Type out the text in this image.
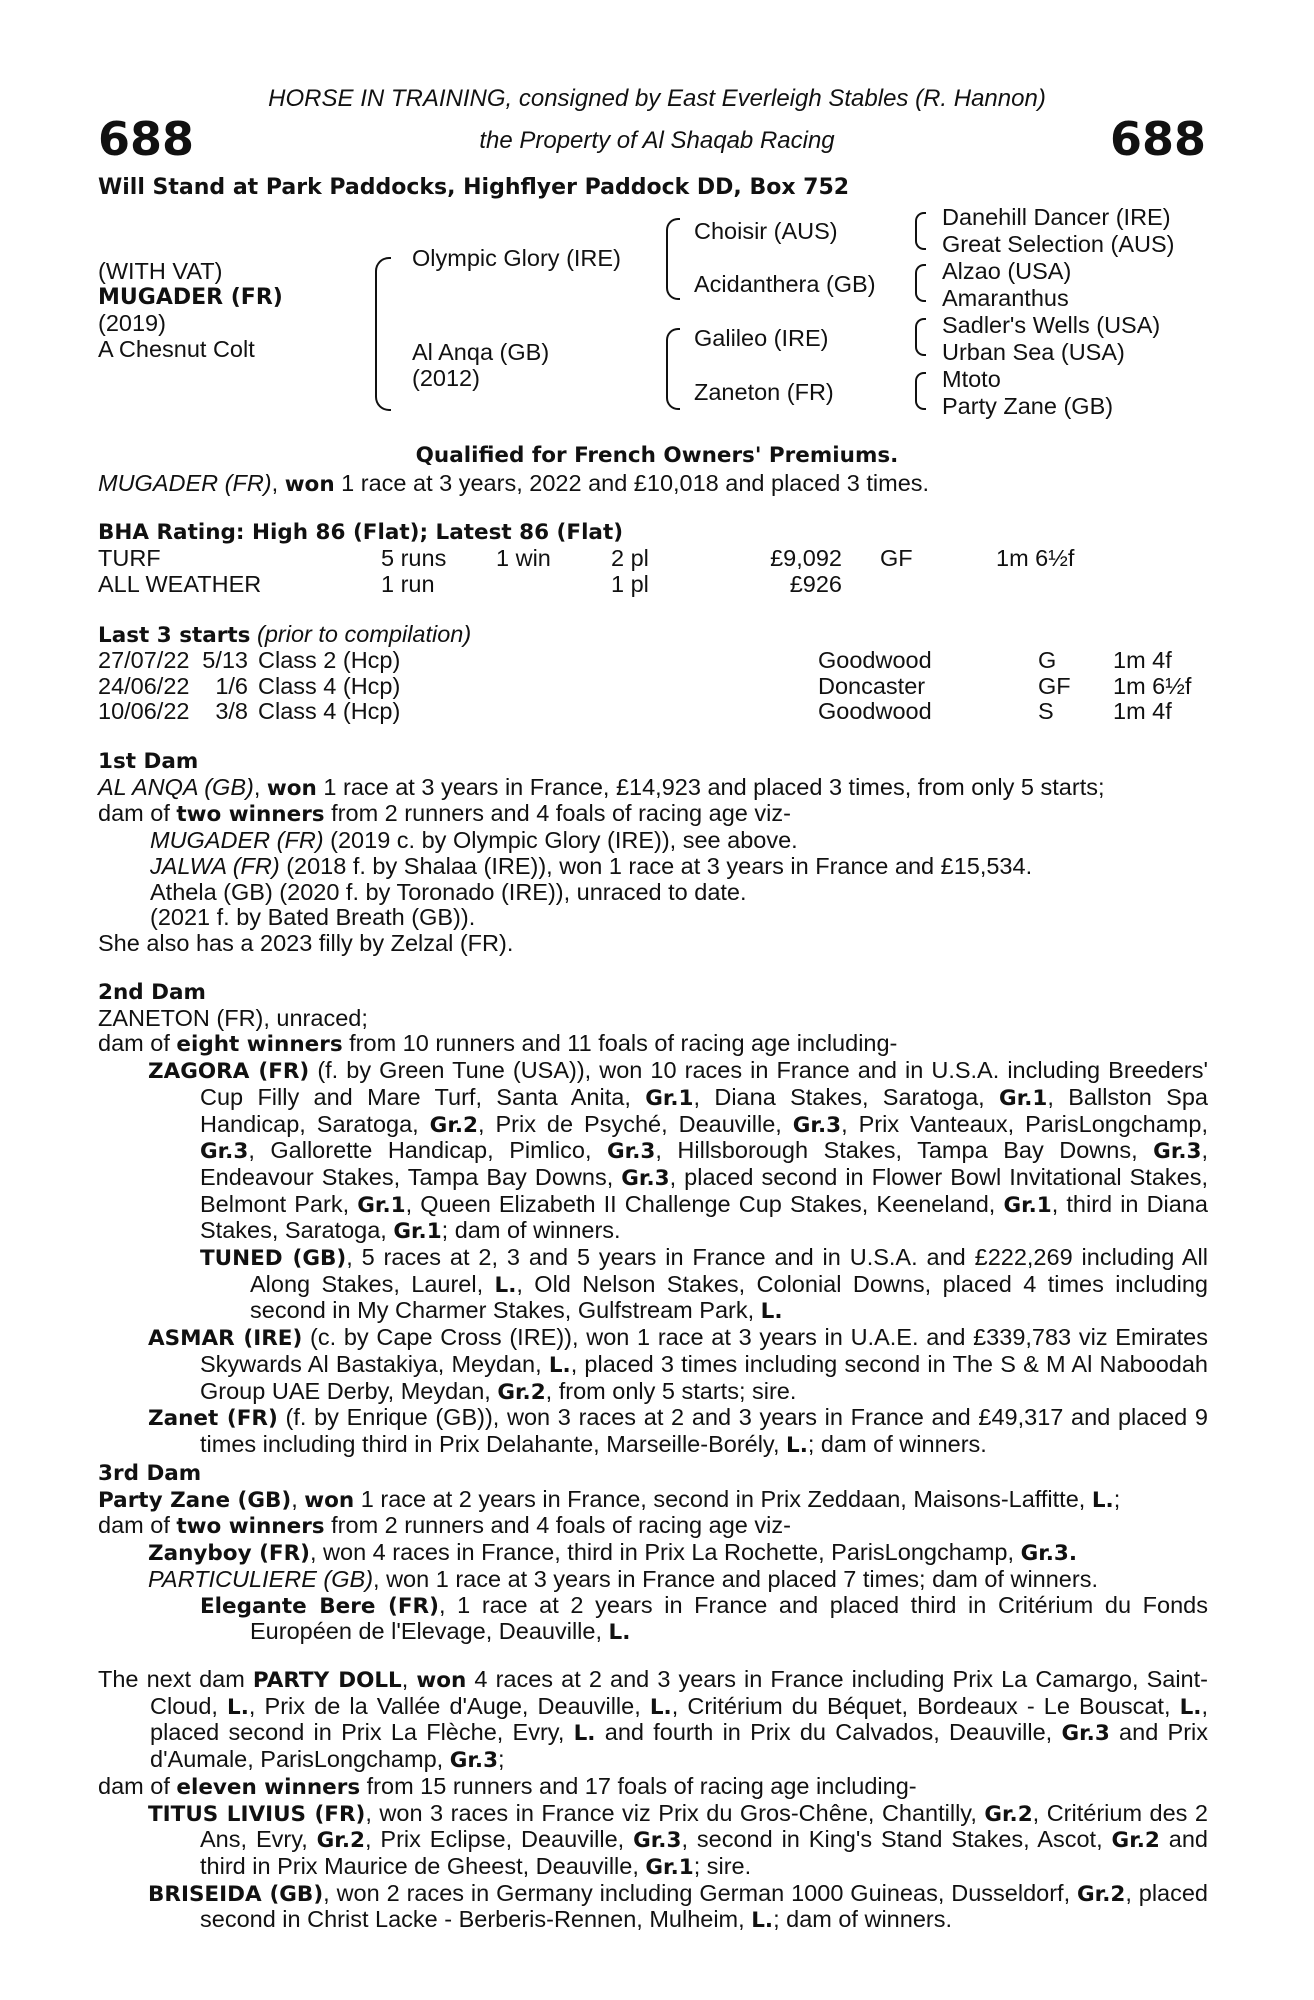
688	688
HORSE IN TRAINING, consigned by East Everleigh Stables (R. Hannon)
the Property of Al Shaqab Racing
Will Stand at Park Paddocks, Highflyer Paddock DD, Box 752
(WITH VAT)
MUGADER (FR)
(2019)
A Chesnut Colt
Olympic Glory (IRE)
Al Anqa (GB)
(2012)
Choisir (AUS)
Acidanthera (GB)
Galileo (IRE)
Zaneton (FR)
Danehill Dancer (IRE)
Great Selection (AUS)
Alzao (USA)
Amaranthus
Sadler's Wells (USA)
Urban Sea (USA)
Mtoto
Party Zane (GB)
Qualified for French Owners' Premiums.
MUGADER (FR), won 1 race at 3 years, 2022 and £10,018 and placed 3 times.
BHA Rating: High 86 (Flat); Latest 86 (Flat)
TURF	5 runs	1 win	2 pl	£9,092		GF	1m 6½f
ALL WEATHER	1 run		1 pl	£926			
Last 3 starts (prior to compilation)
27/07/22	5/13	Class 2 (Hcp)	Goodwood	G	1m 4f
24/06/22	1/6	Class 4 (Hcp)	Doncaster	GF	1m 6½f
10/06/22	3/8	Class 4 (Hcp)	Goodwood	S	1m 4f
1st Dam
AL ANQA (GB), won 1 race at 3 years in France, £14,923 and placed 3 times, from only 5 starts;
dam of two winners from 2 runners and 4 foals of racing age viz-
MUGADER (FR) (2019 c. by Olympic Glory (IRE)), see above.
JALWA (FR) (2018 f. by Shalaa (IRE)), won 1 race at 3 years in France and £15,534.
Athela (GB) (2020 f. by Toronado (IRE)), unraced to date.
(2021 f. by Bated Breath (GB)).
She also has a 2023 filly by Zelzal (FR).
2nd Dam
ZANETON (FR), unraced;
dam of eight winners from 10 runners and 11 foals of racing age including-
ZAGORA (FR) (f. by Green Tune (USA)), won 10 races in France and in U.S.A. including Breeders' Cup Filly and Mare Turf, Santa Anita, Gr.1, Diana Stakes, Saratoga, Gr.1, Ballston Spa Handicap, Saratoga, Gr.2, Prix de Psyché, Deauville, Gr.3, Prix Vanteaux, ParisLongchamp, Gr.3, Gallorette Handicap, Pimlico, Gr.3, Hillsborough Stakes, Tampa Bay Downs, Gr.3, Endeavour Stakes, Tampa Bay Downs, Gr.3, placed second in Flower Bowl Invitational Stakes, Belmont Park, Gr.1, Queen Elizabeth II Challenge Cup Stakes, Keeneland, Gr.1, third in Diana Stakes, Saratoga, Gr.1; dam of winners.
TUNED (GB), 5 races at 2, 3 and 5 years in France and in U.S.A. and £222,269 including All Along Stakes, Laurel, L., Old Nelson Stakes, Colonial Downs, placed 4 times including second in My Charmer Stakes, Gulfstream Park, L.
ASMAR (IRE) (c. by Cape Cross (IRE)), won 1 race at 3 years in U.A.E. and £339,783 viz Emirates Skywards Al Bastakiya, Meydan, L., placed 3 times including second in The S & M Al Naboodah Group UAE Derby, Meydan, Gr.2, from only 5 starts; sire.
Zanet (FR) (f. by Enrique (GB)), won 3 races at 2 and 3 years in France and £49,317 and placed 9 times including third in Prix Delahante, Marseille-Borély, L.; dam of winners.
3rd Dam
Party Zane (GB), won 1 race at 2 years in France, second in Prix Zeddaan, Maisons-Laffitte, L.;
dam of two winners from 2 runners and 4 foals of racing age viz-
Zanyboy (FR), won 4 races in France, third in Prix La Rochette, ParisLongchamp, Gr.3.
PARTICULIERE (GB), won 1 race at 3 years in France and placed 7 times; dam of winners.
Elegante Bere (FR), 1 race at 2 years in France and placed third in Critérium du Fonds Européen de l'Elevage, Deauville, L.
The next dam PARTY DOLL, won 4 races at 2 and 3 years in France including Prix La Camargo, Saint-Cloud, L., Prix de la Vallée d'Auge, Deauville, L., Critérium du Béquet, Bordeaux - Le Bouscat, L., placed second in Prix La Flèche, Evry, L. and fourth in Prix du Calvados, Deauville, Gr.3 and Prix d'Aumale, ParisLongchamp, Gr.3;
dam of eleven winners from 15 runners and 17 foals of racing age including-
TITUS LIVIUS (FR), won 3 races in France viz Prix du Gros-Chêne, Chantilly, Gr.2, Critérium des 2 Ans, Evry, Gr.2, Prix Eclipse, Deauville, Gr.3, second in King's Stand Stakes, Ascot, Gr.2 and third in Prix Maurice de Gheest, Deauville, Gr.1; sire.
BRISEIDA (GB), won 2 races in Germany including German 1000 Guineas, Dusseldorf, Gr.2, placed second in Christ Lacke - Berberis-Rennen, Mulheim, L.; dam of winners.
